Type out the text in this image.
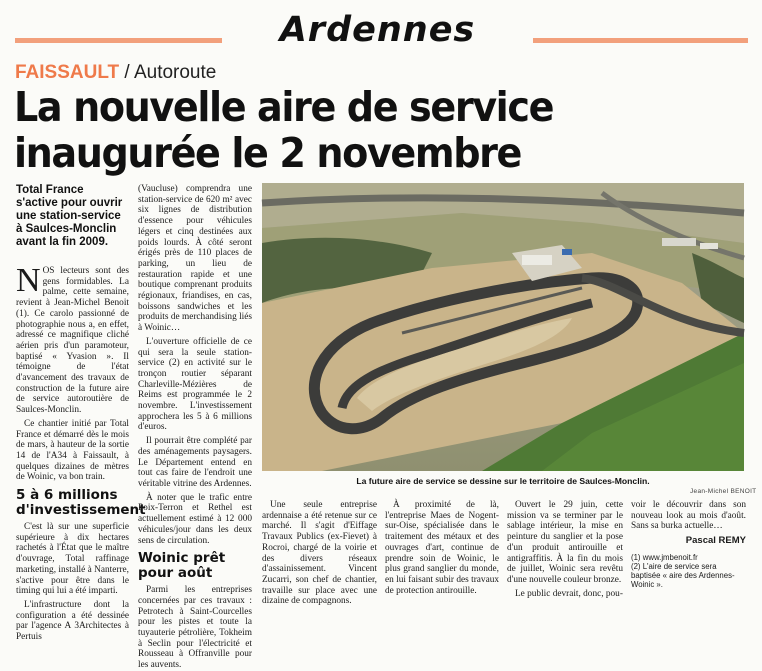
Ardennes
FAISSAULT / Autoroute
La nouvelle aire de service
inaugurée le 2 novembre
Total France s'active pour ouvrir une station-service à Saulces-Monclin avant la fin 2009.

NOS lecteurs sont des gens formidables. La palme, cette semaine, revient à Jean-Michel Benoit (1). Ce carolo passionné de photographie nous a, en effet, adressé ce magnifique cliché aérien pris d'un paramoteur, baptisé « Yvasion ». Il témoigne de l'état d'avancement des travaux de construction de la future aire de service autoroutière de Saulces-Monclin.

Ce chantier initié par Total France et démarré dès le mois de mars, à hauteur de la sortie 14 de l'A34 à Faissault, à quelques dizaines de mètres de Woinic, va bon train.

5 à 6 millions d'investissement

C'est là sur une superficie supérieure à dix hectares rachetés à l'État que le maître d'ouvrage, Total raffinage marketing, installé à Nanterre, s'active pour être dans le timing qui lui a été imparti.

L'infrastructure dont la configuration a été dessinée par l'agence A 3Architectes à Pertuis

(Vaucluse) comprendra une station-service de 620 m² avec six lignes de distribution d'essence pour véhicules légers et cinq destinées aux poids lourds. À côté seront érigés près de 110 places de parking, un lieu de restauration rapide et une boutique comprenant produits régionaux, friandises, en cas, boissons sandwiches et les produits de merchandising liés à Woinic…

L'ouverture officielle de ce qui sera la seule station-service (2) en activité sur le tronçon routier séparant Charleville-Mézières de Reims est programmée le 2 novembre. L'investissement approchera les 5 à 6 millions d'euros.

Il pourrait être complété par des aménagements paysagers. Le Département entend en tout cas faire de l'endroit une véritable vitrine des Ardennes.

À noter que le trafic entre Poix-Terron et Rethel est actuellement estimé à 12 000 véhicules/jour dans les deux sens de circulation.

Woinic prêt pour août

Parmi les entreprises concernées par ces travaux : Petrotech à Saint-Courcelles pour les pistes et toute la tuyauterie pétrolière, Tokheim à Seclin pour l'électricité et Rousseau à Offranville pour les auvents.

La future aire de service se dessine sur le territoire de Saulces-Monclin.
Jean-Michel BENOIT

Une seule entreprise ardennaise a été retenue sur ce marché. Il s'agit d'Eiffage Travaux Publics (ex-Fievet) à Rocroi, chargé de la voirie et des divers réseaux d'assainissement. Vincent Zucarri, son chef de chantier, travaille sur place avec une dizaine de compagnons.

À proximité de là, l'entreprise Maes de Nogent-sur-Oise, spécialisée dans le traitement des métaux et des ouvrages d'art, continue de prendre soin de Woinic, le plus grand sanglier du monde, en lui faisant subir des travaux de protection antirouille.

Ouvert le 29 juin, cette mission va se terminer par le sablage intérieur, la mise en peinture du sanglier et la pose d'un produit antirouille et antigraffitis. À la fin du mois de juillet, Woinic sera revêtu d'une nouvelle couleur bronze.

Le public devrait, donc, pou-

voir le découvrir dans son nouveau look au mois d'août. Sans sa burka actuelle…

Pascal REMY
(1) www.jmbenoit.fr
(2) L'aire de service sera baptisée « aire des Ardennes-Woinic ».
